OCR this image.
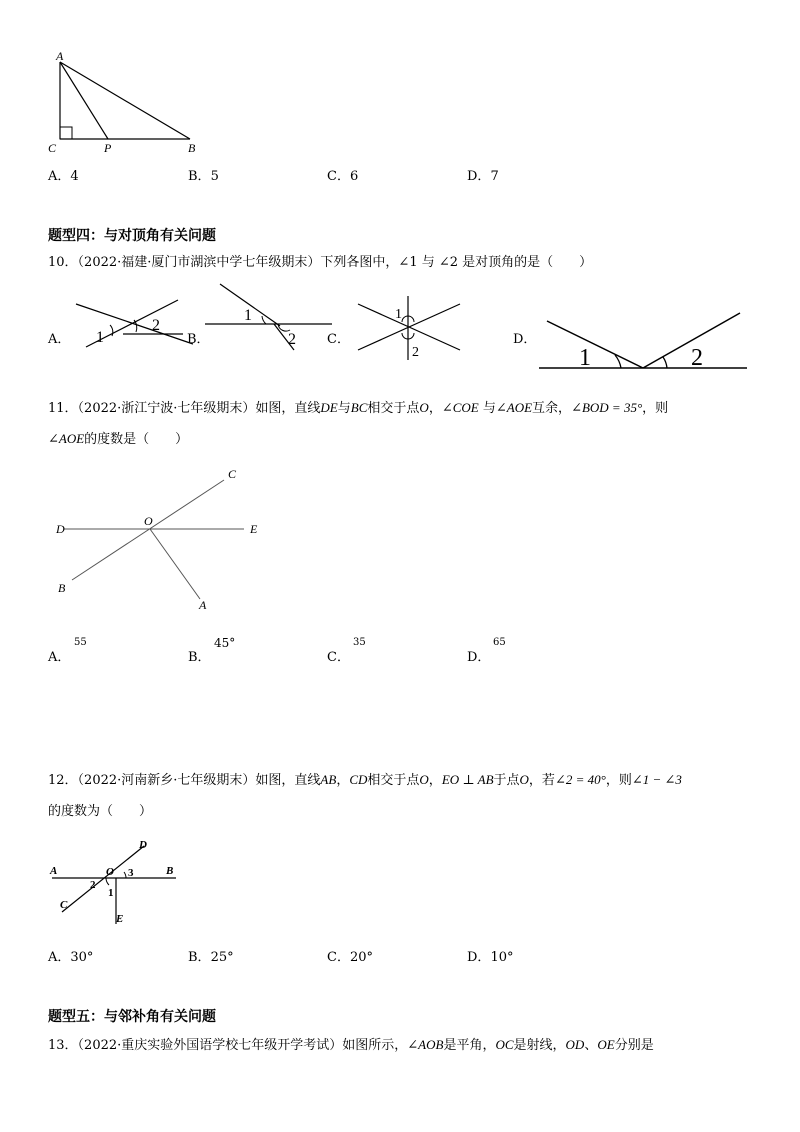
A
C	P	B
A．4	B．5	C．6	D．7
题型四：与对顶角有关问题
10．（2022·福建·厦门市湖滨中学七年级期末）下列各图中，∠1 与 ∠2 是对顶角的是（　　）
A． 1
2
B．
1
2 C．
1
2
D．
1	2
11．（2022·浙江宁波·七年级期末）如图，直线DE与BC相交于点O，∠COE 与∠AOE互余，∠BOD = 35°，则
∠AOE的度数是（　　）
C
D
O
E
B
A
A．
55
B．
45°
C．
35
D．
65
12．（2022·河南新乡·七年级期末）如图，直线AB，CD相交于点O，EO ⊥ AB于点O，若∠2 = 40°，则∠1 − ∠3
的度数为（　　）
A	B
C
D
O
E
1
2
3
A．30°	B．25°	C．20°	D．10°
题型五：与邻补角有关问题
13．（2022·重庆实验外国语学校七年级开学考试）如图所示，∠AOB是平角，OC是射线，OD、OE分别是
